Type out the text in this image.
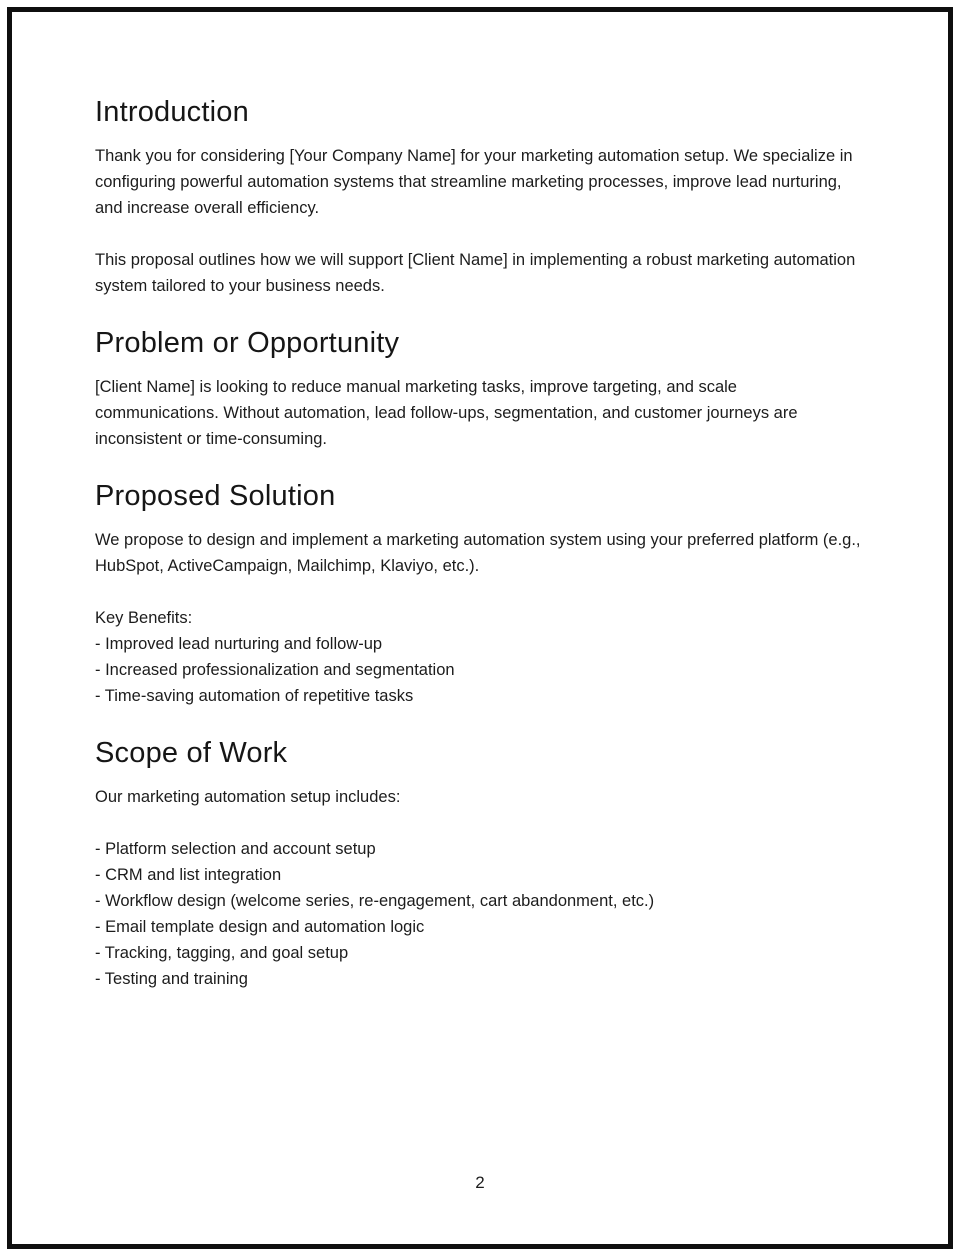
Introduction

Thank you for considering [Your Company Name] for your marketing automation setup. We specialize in configuring powerful automation systems that streamline marketing processes, improve lead nurturing, and increase overall efficiency.

This proposal outlines how we will support [Client Name] in implementing a robust marketing automation system tailored to your business needs.

Problem or Opportunity

[Client Name] is looking to reduce manual marketing tasks, improve targeting, and scale communications. Without automation, lead follow-ups, segmentation, and customer journeys are inconsistent or time-consuming.

Proposed Solution

We propose to design and implement a marketing automation system using your preferred platform (e.g., HubSpot, ActiveCampaign, Mailchimp, Klaviyo, etc.).

Key Benefits:
- Improved lead nurturing and follow-up
- Increased professionalization and segmentation
- Time-saving automation of repetitive tasks
Scope of Work

Our marketing automation setup includes:

- Platform selection and account setup
- CRM and list integration
- Workflow design (welcome series, re-engagement, cart abandonment, etc.)
- Email template design and automation logic
- Tracking, tagging, and goal setup
- Testing and training
2
